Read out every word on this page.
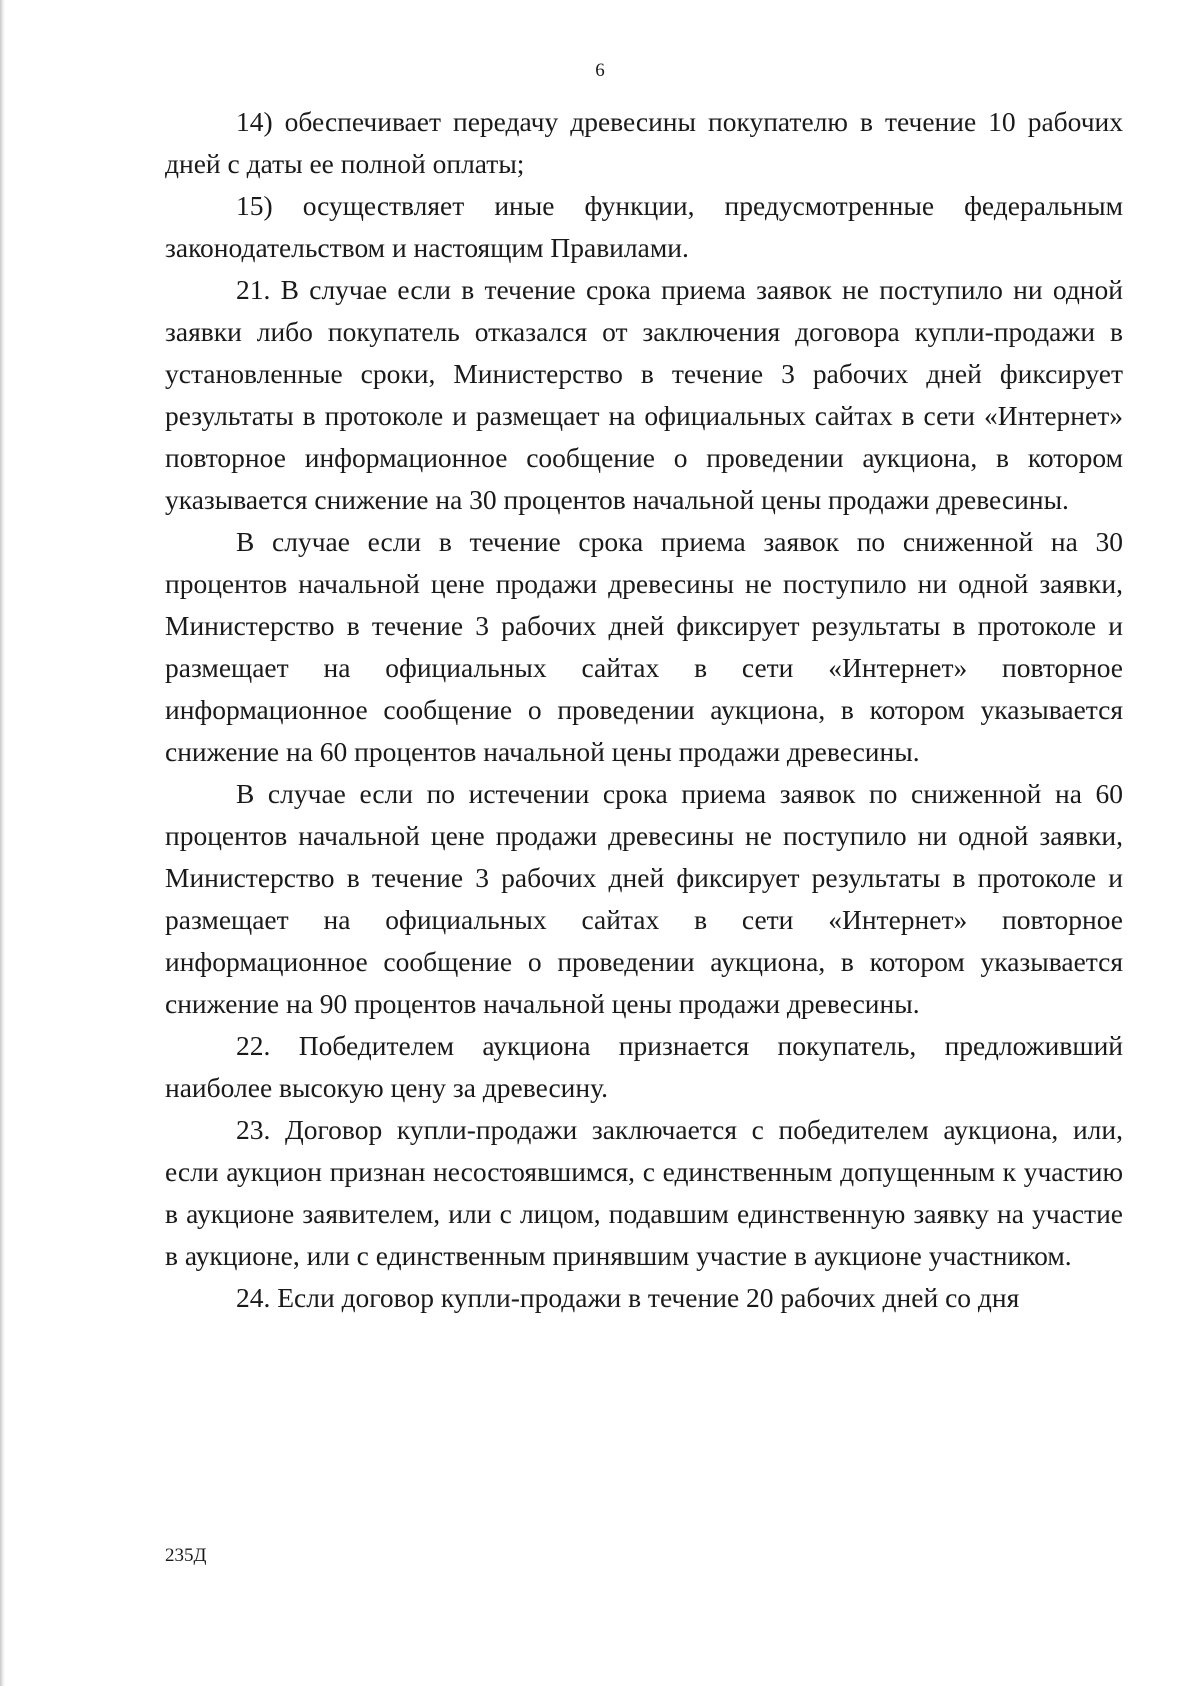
6

14) обеспечивает передачу древесины покупателю в течение 10 рабочих дней с даты ее полной оплаты;

15) осуществляет иные функции, предусмотренные федеральным законодательством и настоящим Правилами.

21. В случае если в течение срока приема заявок не поступило ни одной заявки либо покупатель отказался от заключения договора купли-продажи в установленные сроки, Министерство в течение 3 рабочих дней фиксирует результаты в протоколе и размещает на официальных сайтах в сети «Интернет» повторное информационное сообщение о проведении аукциона, в котором указывается снижение на 30 процентов начальной цены продажи древесины.

В случае если в течение срока приема заявок по сниженной на 30 процентов начальной цене продажи древесины не поступило ни одной заявки, Министерство в течение 3 рабочих дней фиксирует результаты в протоколе и размещает на официальных сайтах в сети «Интернет» повторное информационное сообщение о проведении аукциона, в котором указывается снижение на 60 процентов начальной цены продажи древесины.

В случае если по истечении срока приема заявок по сниженной на 60 процентов начальной цене продажи древесины не поступило ни одной заявки, Министерство в течение 3 рабочих дней фиксирует результаты в протоколе и размещает на официальных сайтах в сети «Интернет» повторное информационное сообщение о проведении аукциона, в котором указывается снижение на 90 процентов начальной цены продажи древесины.

22. Победителем аукциона признается покупатель, предложивший наиболее высокую цену за древесину.

23. Договор купли-продажи заключается с победителем аукциона, или, если аукцион признан несостоявшимся, с единственным допущенным к участию в аукционе заявителем, или с лицом, подавшим единственную заявку на участие в аукционе, или с единственным принявшим участие в аукционе участником.

24. Если договор купли-продажи в течение 20 рабочих дней со дня

235Д
